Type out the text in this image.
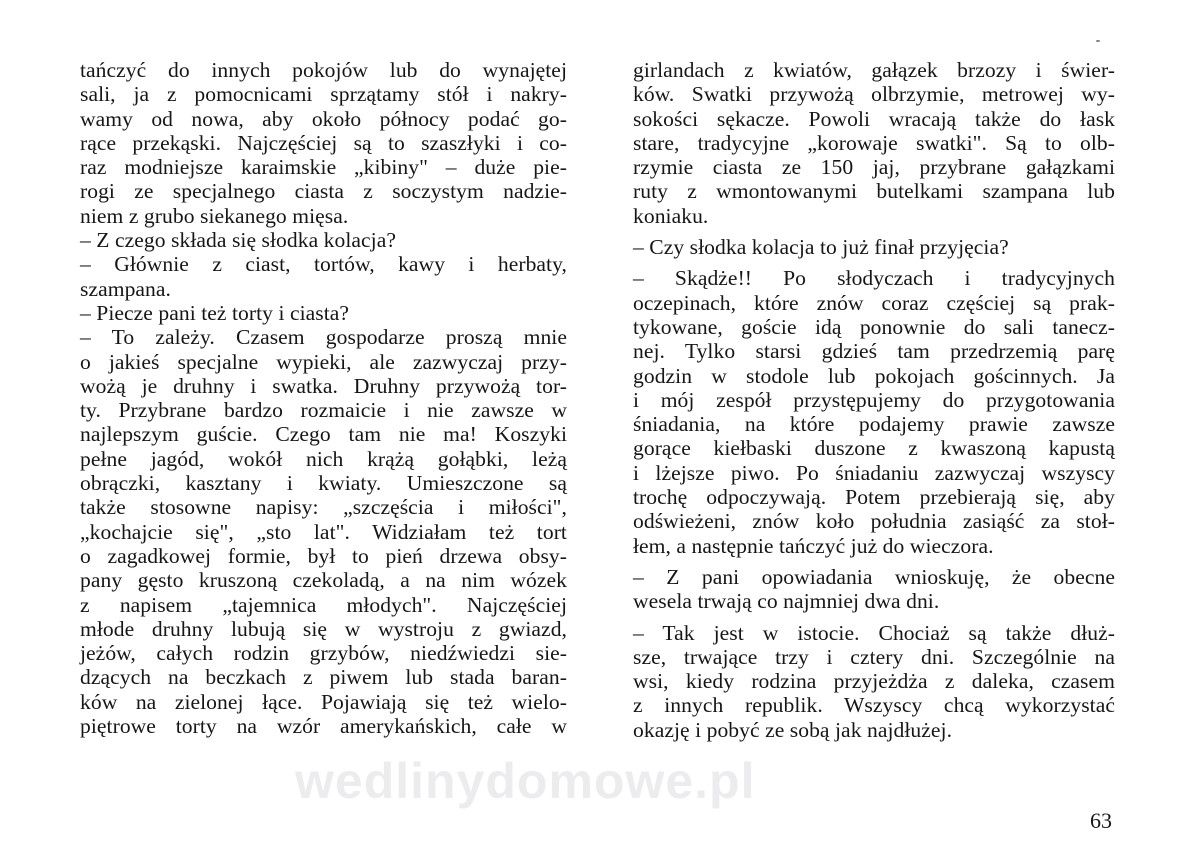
tańczyć do innych pokojów lub do wynajętej
sali, ja z pomocnicami sprzątamy stół i nakry-
wamy od nowa, aby około północy podać go-
rące przekąski. Najczęściej są to szaszłyki i co-
raz modniejsze karaimskie „kibiny" – duże pie-
rogi ze specjalnego ciasta z soczystym nadzie-
niem z grubo siekanego mięsa.
– Z czego składa się słodka kolacja?
– Głównie z ciast, tortów, kawy i herbaty,
szampana.
– Piecze pani też torty i ciasta?
– To zależy. Czasem gospodarze proszą mnie
o jakieś specjalne wypieki, ale zazwyczaj przy-
wożą je druhny i swatka. Druhny przywożą tor-
ty. Przybrane bardzo rozmaicie i nie zawsze w
najlepszym guście. Czego tam nie ma! Koszyki
pełne jagód, wokół nich krążą gołąbki, leżą
obrączki, kasztany i kwiaty. Umieszczone są
także stosowne napisy: „szczęścia i miłości",
„kochajcie się", „sto lat". Widziałam też tort
o zagadkowej formie, był to pień drzewa obsy-
pany gęsto kruszoną czekoladą, a na nim wózek
z napisem „tajemnica młodych". Najczęściej
młode druhny lubują się w wystroju z gwiazd,
jeżów, całych rodzin grzybów, niedźwiedzi sie-
dzących na beczkach z piwem lub stada baran-
ków na zielonej łące. Pojawiają się też wielo-
piętrowe torty na wzór amerykańskich, całe w
girlandach z kwiatów, gałązek brzozy i świer-
ków. Swatki przywożą olbrzymie, metrowej wy-
sokości sękacze. Powoli wracają także do łask
stare, tradycyjne „korowaje swatki". Są to olb-
rzymie ciasta ze 150 jaj, przybrane gałązkami
ruty z wmontowanymi butelkami szampana lub
koniaku.
– Czy słodka kolacja to już finał przyjęcia?
– Skądże!! Po słodyczach i tradycyjnych
oczepinach, które znów coraz częściej są prak-
tykowane, goście idą ponownie do sali tanecz-
nej. Tylko starsi gdzieś tam przedrzemią parę
godzin w stodole lub pokojach gościnnych. Ja
i mój zespół przystępujemy do przygotowania
śniadania, na które podajemy prawie zawsze
gorące kiełbaski duszone z kwaszoną kapustą
i lżejsze piwo. Po śniadaniu zazwyczaj wszyscy
trochę odpoczywają. Potem przebierają się, aby
odświeżeni, znów koło południa zasiąść za stoł-
łem, a następnie tańczyć już do wieczora.
– Z pani opowiadania wnioskuję, że obecne
wesela trwają co najmniej dwa dni.
– Tak jest w istocie. Chociaż są także dłuż-
sze, trwające trzy i cztery dni. Szczególnie na
wsi, kiedy rodzina przyjeżdża z daleka, czasem
z innych republik. Wszyscy chcą wykorzystać
okazję i pobyć ze sobą jak najdłużej.
wedlinydomowe.pl
63
